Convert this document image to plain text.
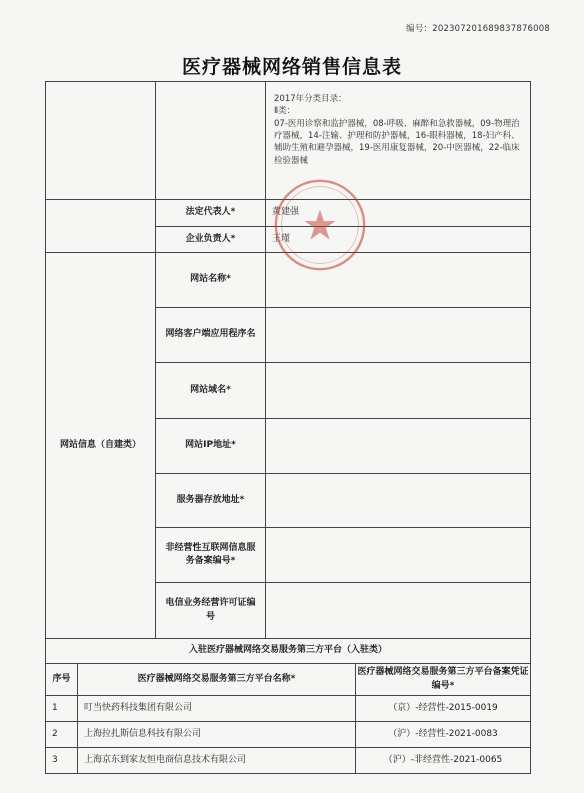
编号：20230720168983787​6008
医疗器械网络销售信息表

			2017年分类目录：
Ⅱ类：
07-医用诊察和监护器械，08-呼吸、麻醉和急救器械，09-物理治疗器械，14-注输、护理和防护器械，16-眼科器械，18-妇产科、辅助生殖和避孕器械，19-医用康复器械，20-中医器械，22-临床检验器械	

		法定代表人*	黄建强	
		企业负责人*	王瑾	
网站信息（自建类）		网站名称*		
		网络客户端应用程序名		
		网站域名*		
		网站IP地址*		
		服务器存放地址*		
		非经营性互联网信息服务备案编号*		
		电信业务经营许可证编号		
入驻医疗器械网络交易服务第三方平台（入驻类）				
序号	医疗器械网络交易服务第三方平台名称*			医疗器械网络交易服务第三方平台备案凭证编号*
1	叮当快药科技集团有限公司			（京）-经营性-2015-0019
2	上海拉扎斯信息科技有限公司			（沪）-经营性-2021-0083
3	上海京东到家友恒电商信息技术有限公司			（沪）-非经营性-2021-0065
